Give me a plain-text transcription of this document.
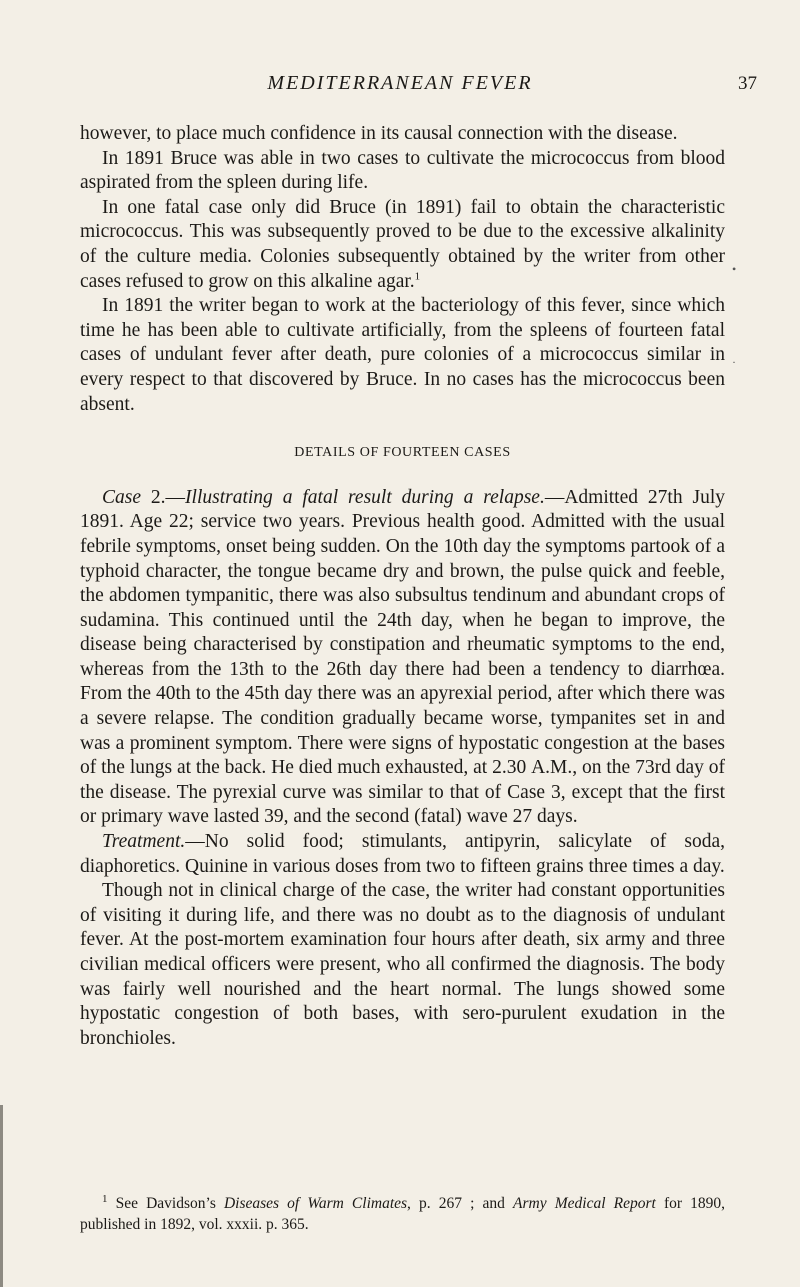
MEDITERRANEAN FEVER	37

however, to place much confidence in its causal connection with the disease.

In 1891 Bruce was able in two cases to cultivate the micrococcus from blood aspirated from the spleen during life.

In one fatal case only did Bruce (in 1891) fail to obtain the characteristic micrococcus. This was subsequently proved to be due to the excessive alkalinity of the culture media. Colonies subsequently obtained by the writer from other cases refused to grow on this alkaline agar.$^1$

In 1891 the writer began to work at the bacteriology of this fever, since which time he has been able to cultivate artificially, from the spleens of fourteen fatal cases of undulant fever after death, pure colonies of a micrococcus similar in every respect to that discovered by Bruce. In no cases has the micrococcus been absent.

DETAILS OF FOURTEEN CASES

Case 2.—Illustrating a fatal result during a relapse.—Admitted 27th July 1891. Age 22; service two years. Previous health good. Admitted with the usual febrile symptoms, onset being sudden. On the 10th day the symptoms partook of a typhoid character, the tongue became dry and brown, the pulse quick and feeble, the abdomen tympanitic, there was also subsultus tendinum and abundant crops of sudamina. This continued until the 24th day, when he began to improve, the disease being characterised by constipation and rheumatic symptoms to the end, whereas from the 13th to the 26th day there had been a tendency to diarrhœa. From the 40th to the 45th day there was an apyrexial period, after which there was a severe relapse. The condition gradually became worse, tympanites set in and was a prominent symptom. There were signs of hypostatic congestion at the bases of the lungs at the back. He died much exhausted, at 2.30 A.M., on the 73rd day of the disease. The pyrexial curve was similar to that of Case 3, except that the first or primary wave lasted 39, and the second (fatal) wave 27 days.

Treatment.—No solid food; stimulants, antipyrin, salicylate of soda, diaphoretics. Quinine in various doses from two to fifteen grains three times a day.

Though not in clinical charge of the case, the writer had constant opportunities of visiting it during life, and there was no doubt as to the diagnosis of undulant fever. At the post-mortem examination four hours after death, six army and three civilian medical officers were present, who all confirmed the diagnosis. The body was fairly well nourished and the heart normal. The lungs showed some hypostatic congestion of both bases, with sero-purulent exudation in the bronchioles.

$^1$ See Davidson’s Diseases of Warm Climates, p. 267 ; and Army Medical Report for 1890, published in 1892, vol. xxxii. p. 365.
•
·
